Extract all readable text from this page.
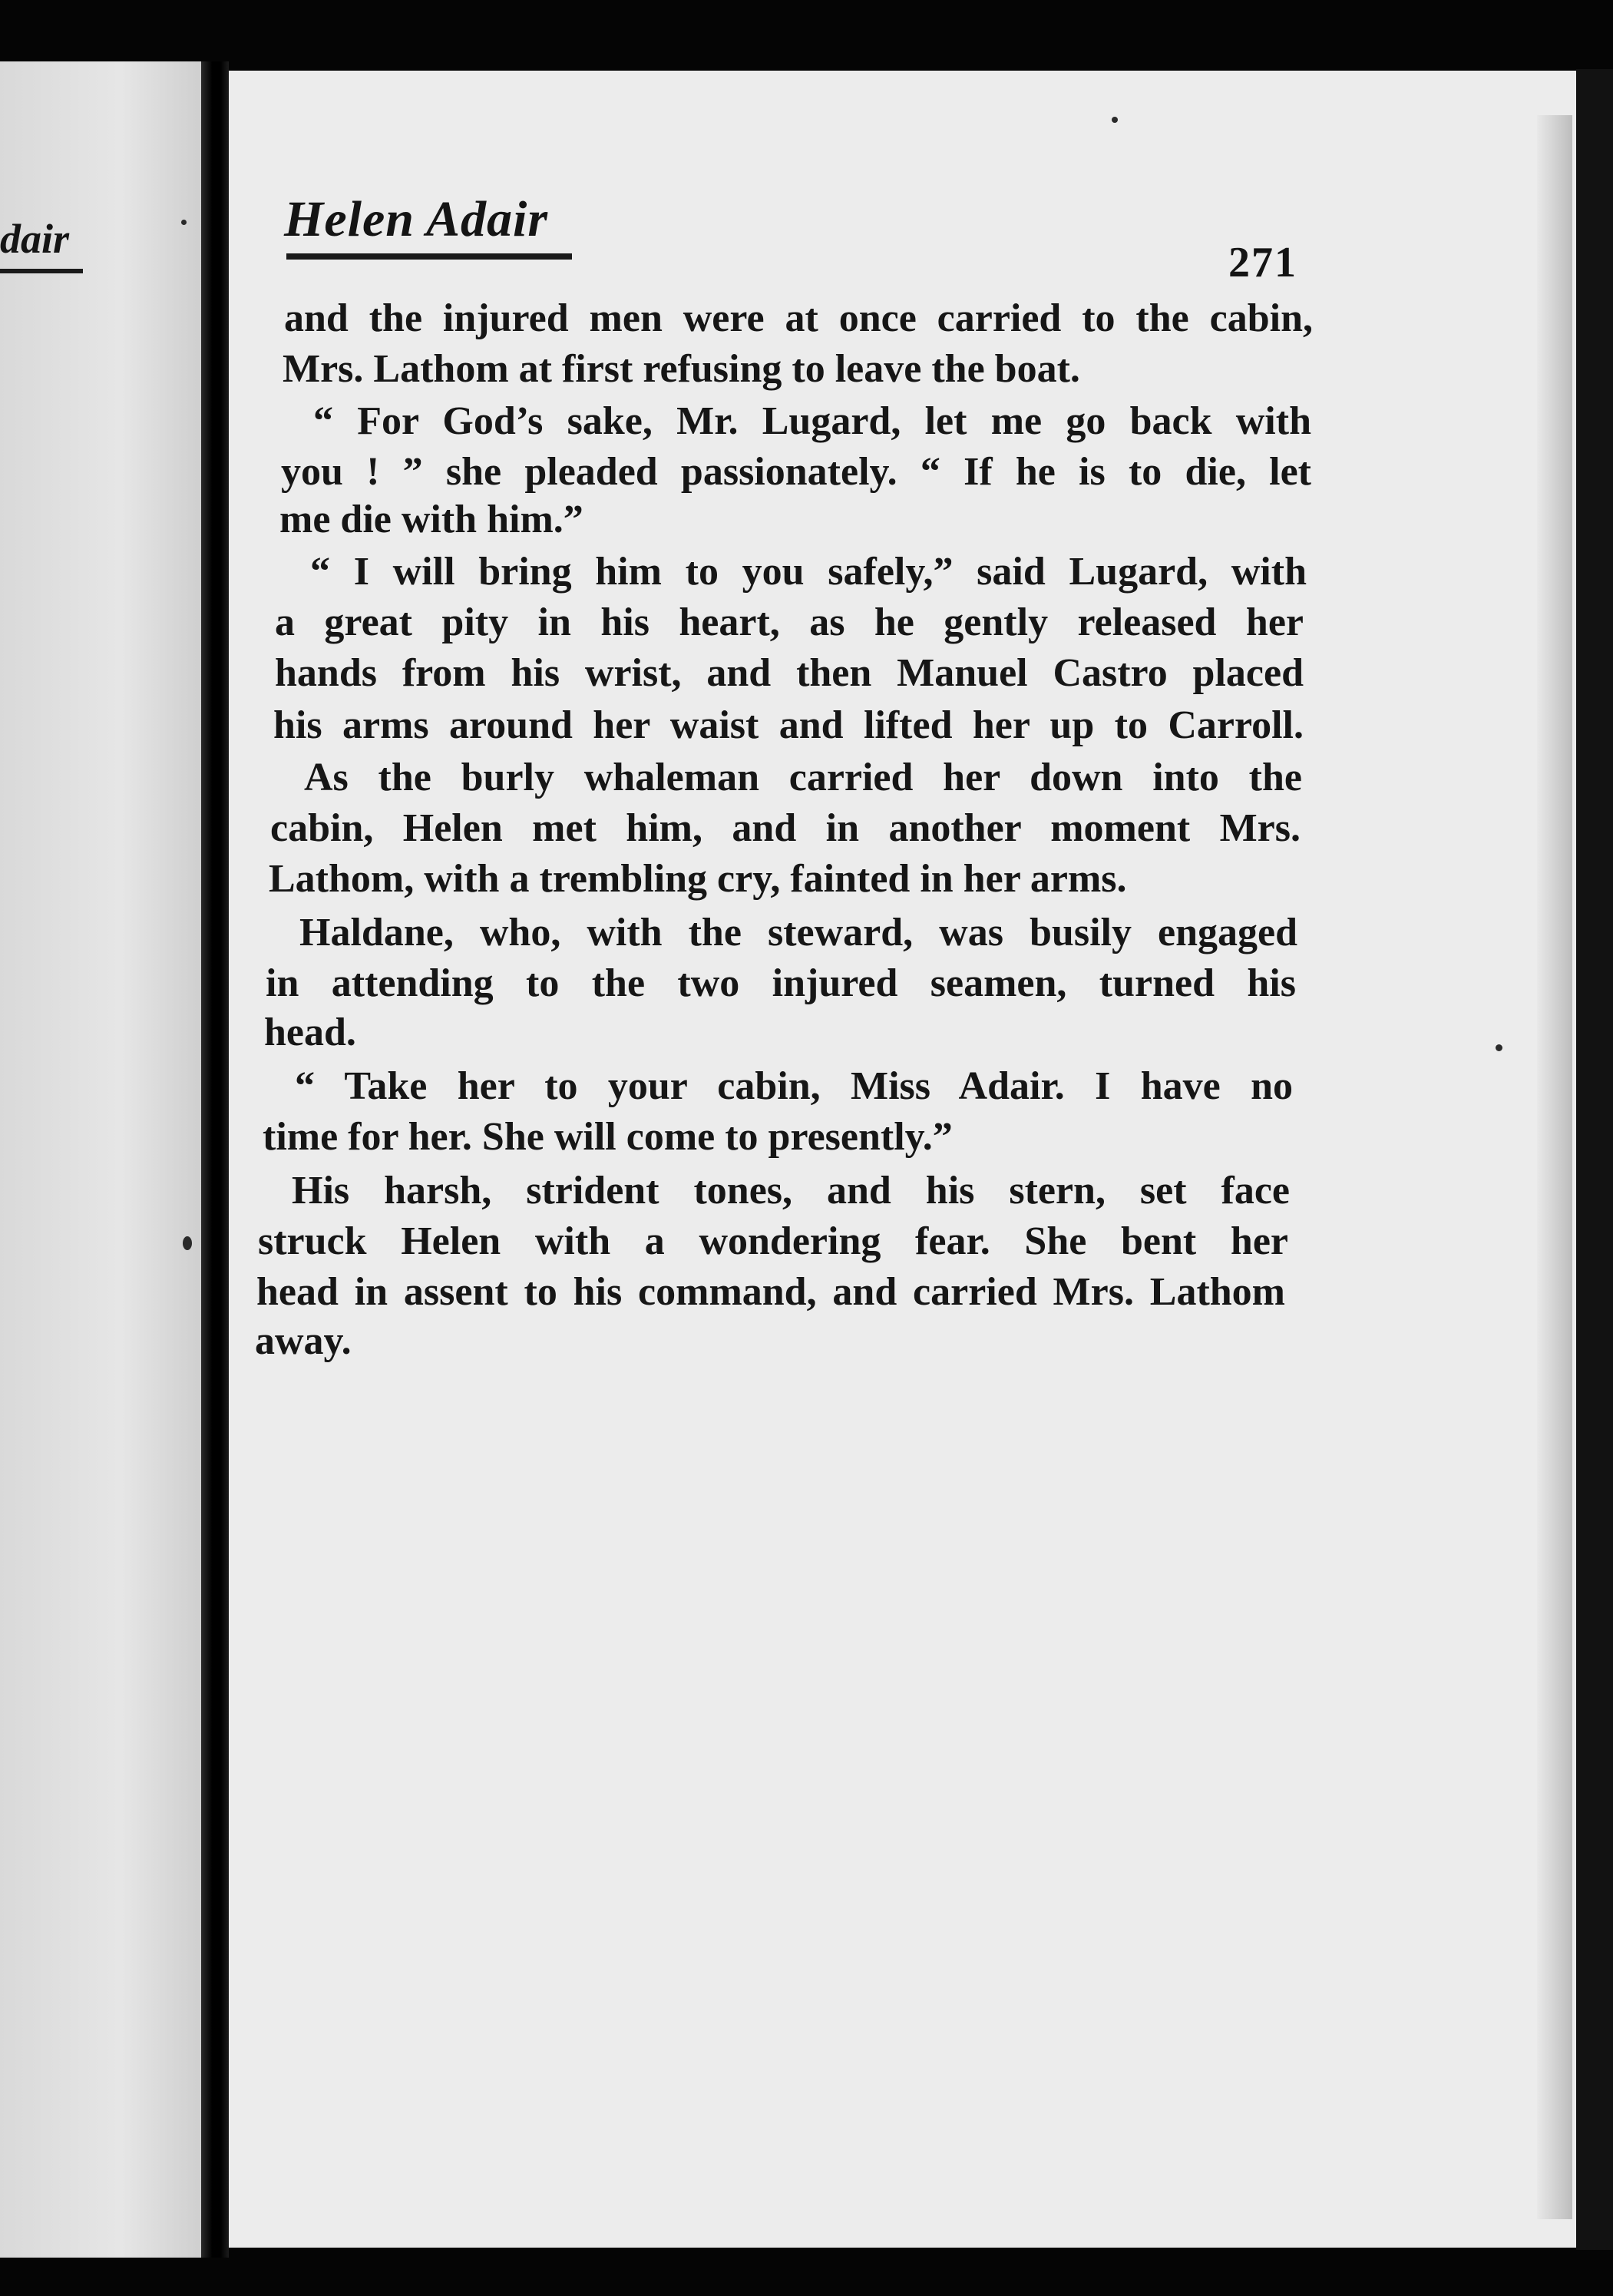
dair	Helen Adair
271
and the injured men were at once carried to the cabin,
Mrs. Lathom at first refusing to leave the boat.
“ For God’s sake, Mr. Lugard, let me go back with
you ! ” she pleaded passionately. “ If he is to die, let
me die with him.”
“ I will bring him to you safely,” said Lugard, with
a great pity in his heart, as he gently released her
hands from his wrist, and then Manuel Castro placed
his arms around her waist and lifted her up to Carroll.
As the burly whaleman carried her down into the
cabin, Helen met him, and in another moment Mrs.
Lathom, with a trembling cry, fainted in her arms.
Haldane, who, with the steward, was busily engaged
in attending to the two injured seamen, turned his
head.
“ Take her to your cabin, Miss Adair. I have no
time for her. She will come to presently.”
His harsh, strident tones, and his stern, set face
struck Helen with a wondering fear. She bent her
head in assent to his command, and carried Mrs. Lathom
away.
